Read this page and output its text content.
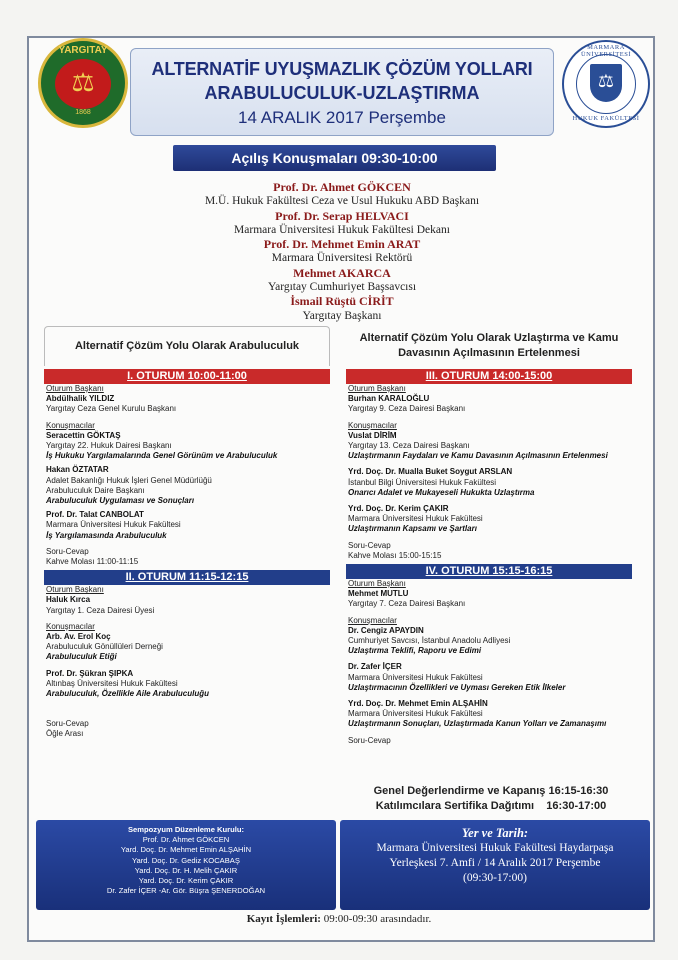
YARGITAY
⚖
1868
MARMARA ÜNİVERSİTESİ
⚖
HUKUK FAKÜLTESİ
ALTERNATİF UYUŞMAZLIK ÇÖZÜM YOLLARI
ARABULUCULUK-UZLAŞTIRMA
14 ARALIK 2017 Perşembe
Açılış Konuşmaları 09:30-10:00
Prof. Dr. Ahmet GÖKCEN
M.Ü. Hukuk Fakültesi Ceza ve Usul Hukuku ABD Başkanı
Prof. Dr. Serap HELVACI
Marmara Üniversitesi Hukuk Fakültesi Dekanı
Prof. Dr. Mehmet Emin ARAT
Marmara Üniversitesi Rektörü
Mehmet AKARCA
Yargıtay Cumhuriyet Başsavcısı
İsmail Rüştü CİRİT
Yargıtay Başkanı
Alternatif Çözüm Yolu Olarak Arabuluculuk
I. OTURUM 10:00-11:00
Oturum Başkanı
Abdülhalik YILDIZ
Yargıtay Ceza Genel Kurulu Başkanı
Konuşmacılar
Seracettin GÖKTAŞ
Yargıtay 22. Hukuk Dairesi Başkanı
İş Hukuku Yargılamalarında Genel Görünüm ve Arabuluculuk
Hakan ÖZTATAR
Adalet Bakanlığı Hukuk İşleri Genel Müdürlüğü
Arabuluculuk Daire Başkanı
Arabuluculuk Uygulaması ve Sonuçları
Prof. Dr. Talat CANBOLAT
Marmara Üniversitesi Hukuk Fakültesi
İş Yargılamasında Arabuluculuk
Soru-Cevap
Kahve Molası 11:00-11:15
II. OTURUM 11:15-12:15
Oturum Başkanı
Haluk Kırca
Yargıtay 1. Ceza Dairesi Üyesi
Konuşmacılar
Arb. Av. Erol Koç
Arabuluculuk Gönüllüleri Derneği
Arabuluculuk Etiği
Prof. Dr. Şükran ŞIPKA
Altınbaş Üniversitesi Hukuk Fakültesi
Arabuluculuk, Özellikle Aile Arabuluculuğu
Soru-Cevap
Öğle Arası
Alternatif Çözüm Yolu Olarak Uzlaştırma ve Kamu Davasının Açılmasının Ertelenmesi
III. OTURUM 14:00-15:00
Oturum Başkanı
Burhan KARALOĞLU
Yargıtay 9. Ceza Dairesi Başkanı
Konuşmacılar
Vuslat DİRİM
Yargıtay 13. Ceza Dairesi Başkanı
Uzlaştırmanın Faydaları ve Kamu Davasının Açılmasının Ertelenmesi
Yrd. Doç. Dr. Mualla Buket Soygut ARSLAN
İstanbul Bilgi Üniversitesi Hukuk Fakültesi
Onarıcı Adalet ve Mukayeseli Hukukta Uzlaştırma
Yrd. Doç. Dr. Kerim ÇAKIR
Marmara Üniversitesi Hukuk Fakültesi
Uzlaştırmanın Kapsamı ve Şartları
Soru-Cevap
Kahve Molası 15:00-15:15
IV. OTURUM 15:15-16:15
Oturum Başkanı
Mehmet MUTLU
Yargıtay 7. Ceza Dairesi Başkanı
Konuşmacılar
Dr. Cengiz APAYDIN
Cumhuriyet Savcısı, İstanbul Anadolu Adliyesi
Uzlaştırma Teklifi, Raporu ve Edimi
Dr. Zafer İÇER
Marmara Üniversitesi Hukuk Fakültesi
Uzlaştırmacının Özellikleri ve Uyması Gereken Etik İlkeler
Yrd. Doç. Dr. Mehmet Emin ALŞAHİN
Marmara Üniversitesi Hukuk Fakültesi
Uzlaştırmanın Sonuçları, Uzlaştırmada Kanun Yolları ve Zamanaşımı
Soru-Cevap
Genel Değerlendirme ve Kapanış 16:15-16:30
Katılımcılara Sertifika Dağıtımı    16:30-17:00
Sempozyum Düzenleme Kurulu:
Prof. Dr. Ahmet GÖKCEN
Yard. Doç. Dr. Mehmet Emin ALŞAHİN
Yard. Doç. Dr. Gediz KOCABAŞ
Yard. Doç. Dr. H. Melih ÇAKIR
Yard. Doç. Dr. Kerim ÇAKIR
Dr. Zafer İÇER -Ar. Gör. Büşra ŞENERDOĞAN
Yer ve Tarih:
Marmara Üniversitesi Hukuk Fakültesi Haydarpaşa
Yerleşkesi 7. Amfi / 14 Aralık 2017 Perşembe
(09:30-17:00)
Kayıt İşlemleri: 09:00-09:30 arasındadır.
